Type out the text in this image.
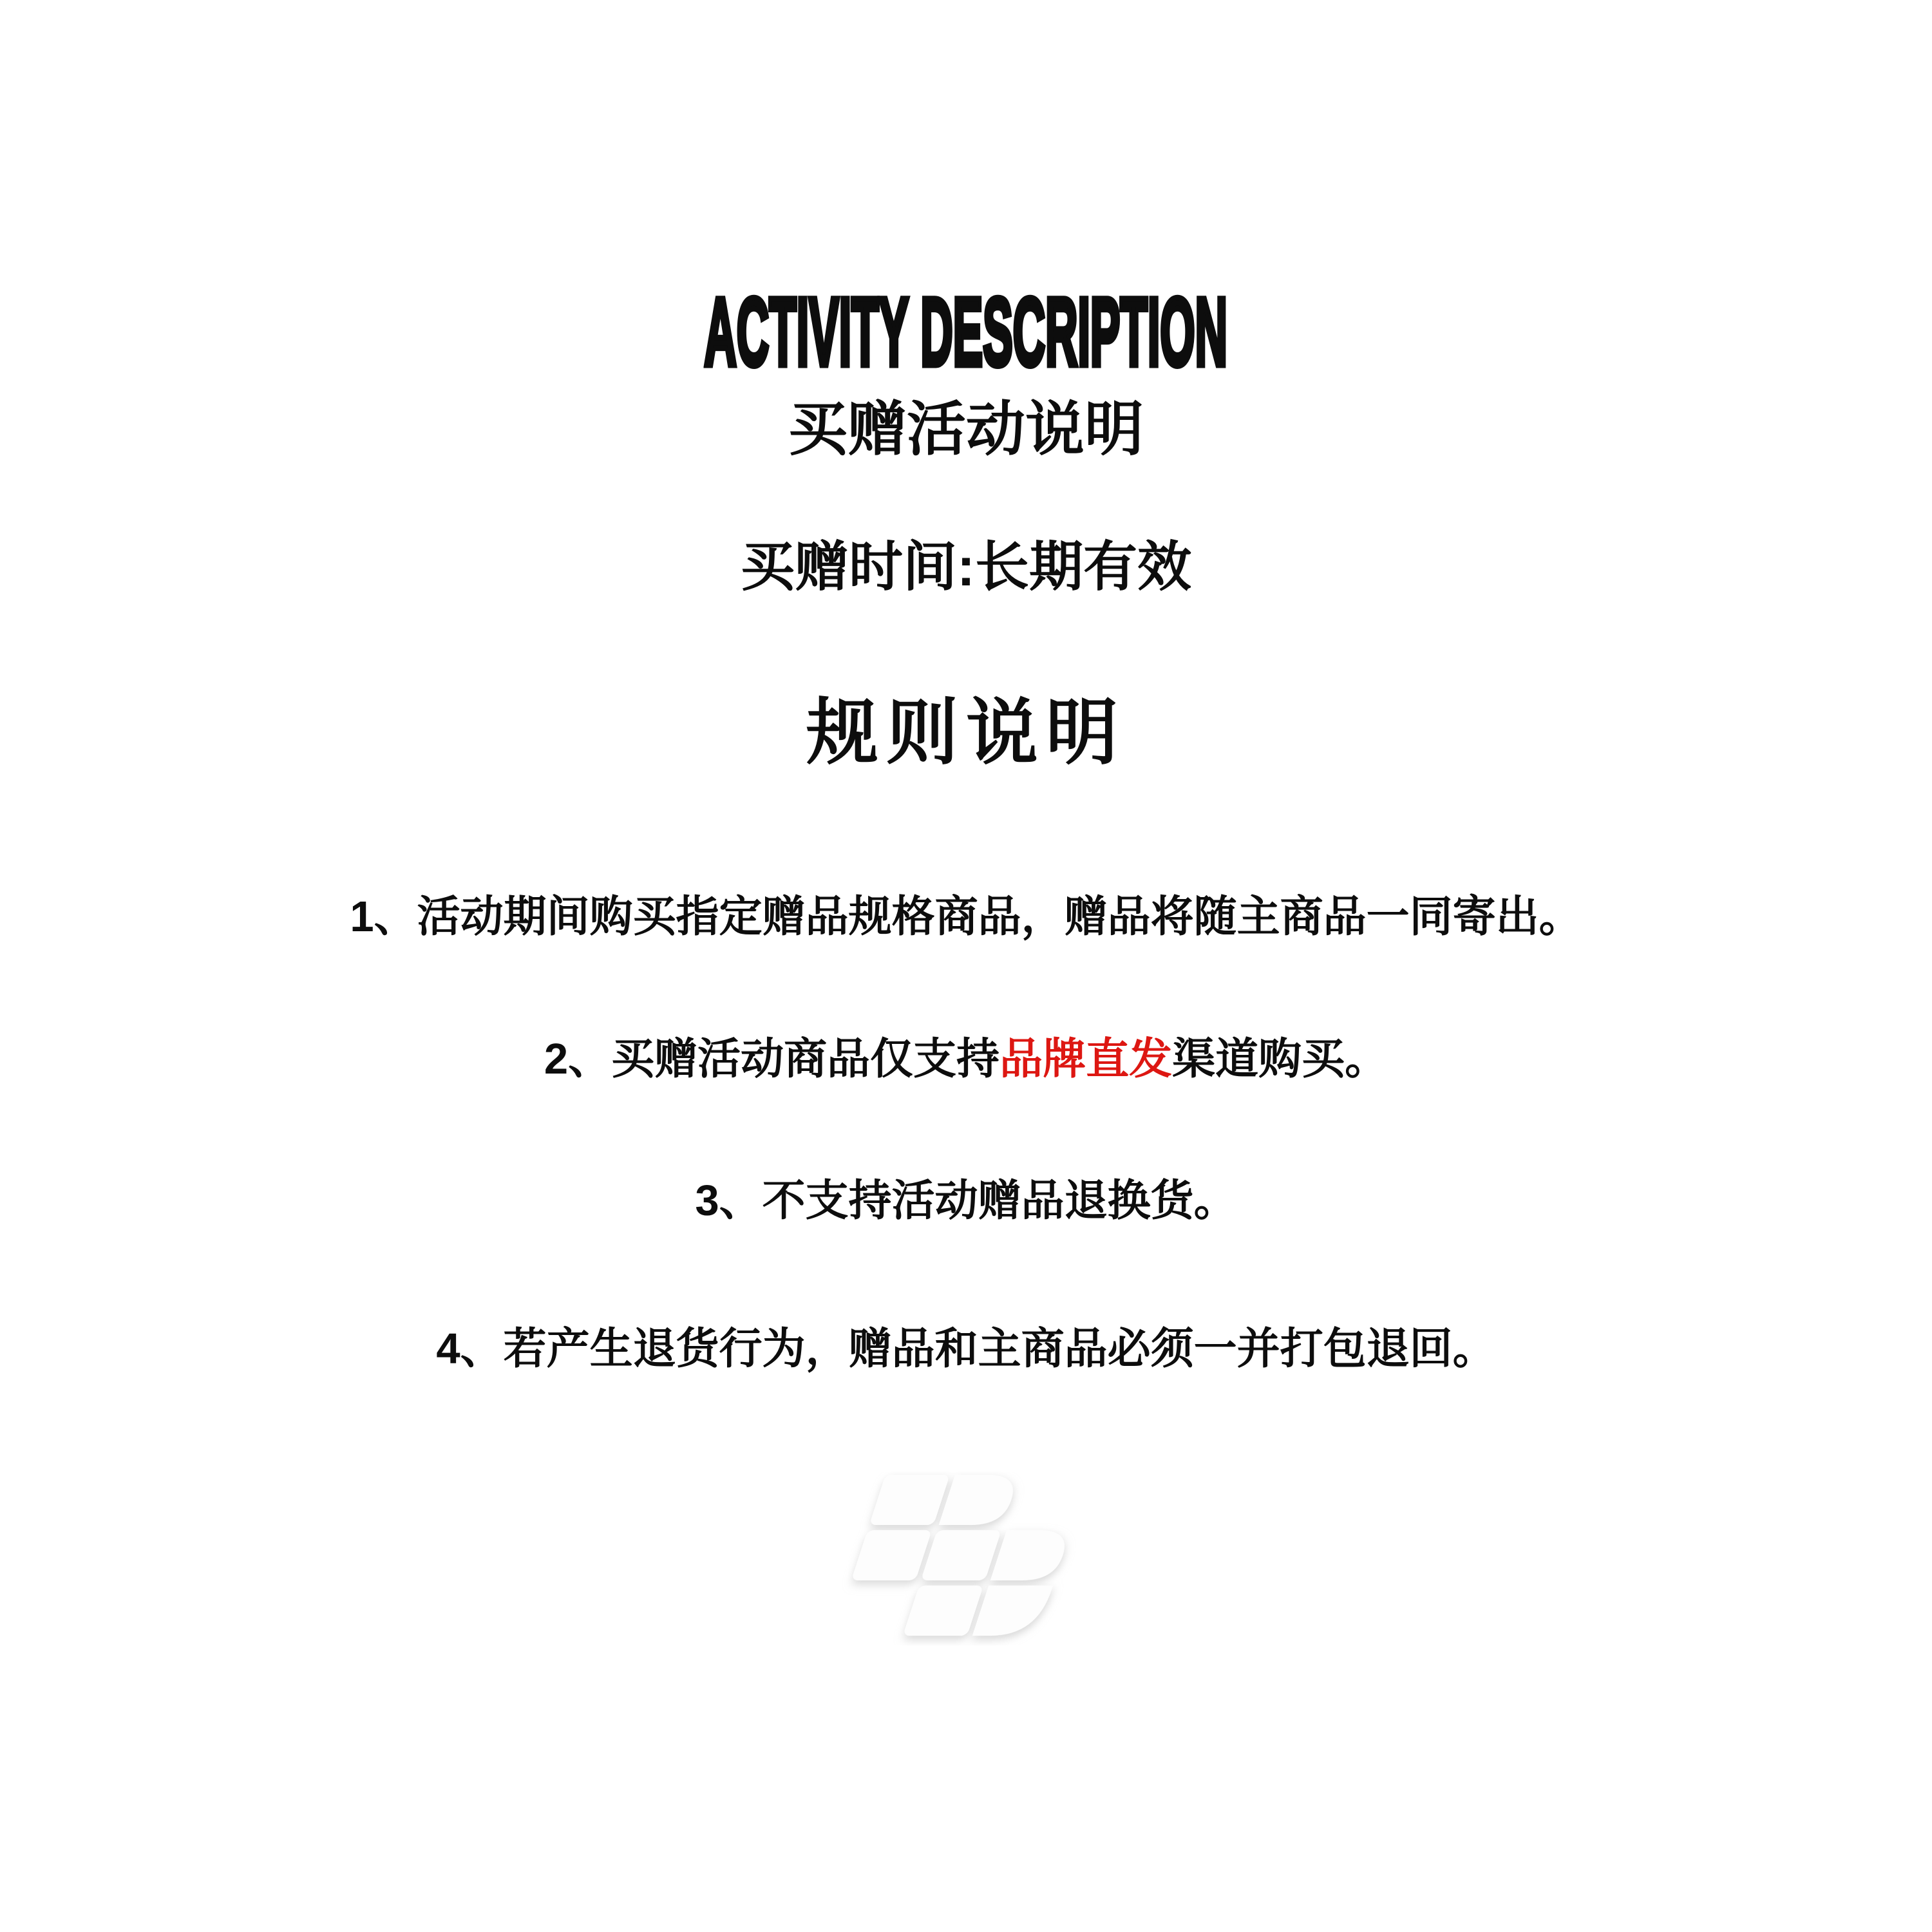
ACTIVITY DESCRIPTION
买赠活动说明
买赠时间:长期有效
规则说明
1、活动期间购买指定赠品规格商品，赠品将随主商品一同寄出。
2、买赠活动商品仅支持 品牌直发 渠道购买。
3、不支持活动赠品退换货。
4、若产生退货行为，赠品和主商品必须一并打包退回。
